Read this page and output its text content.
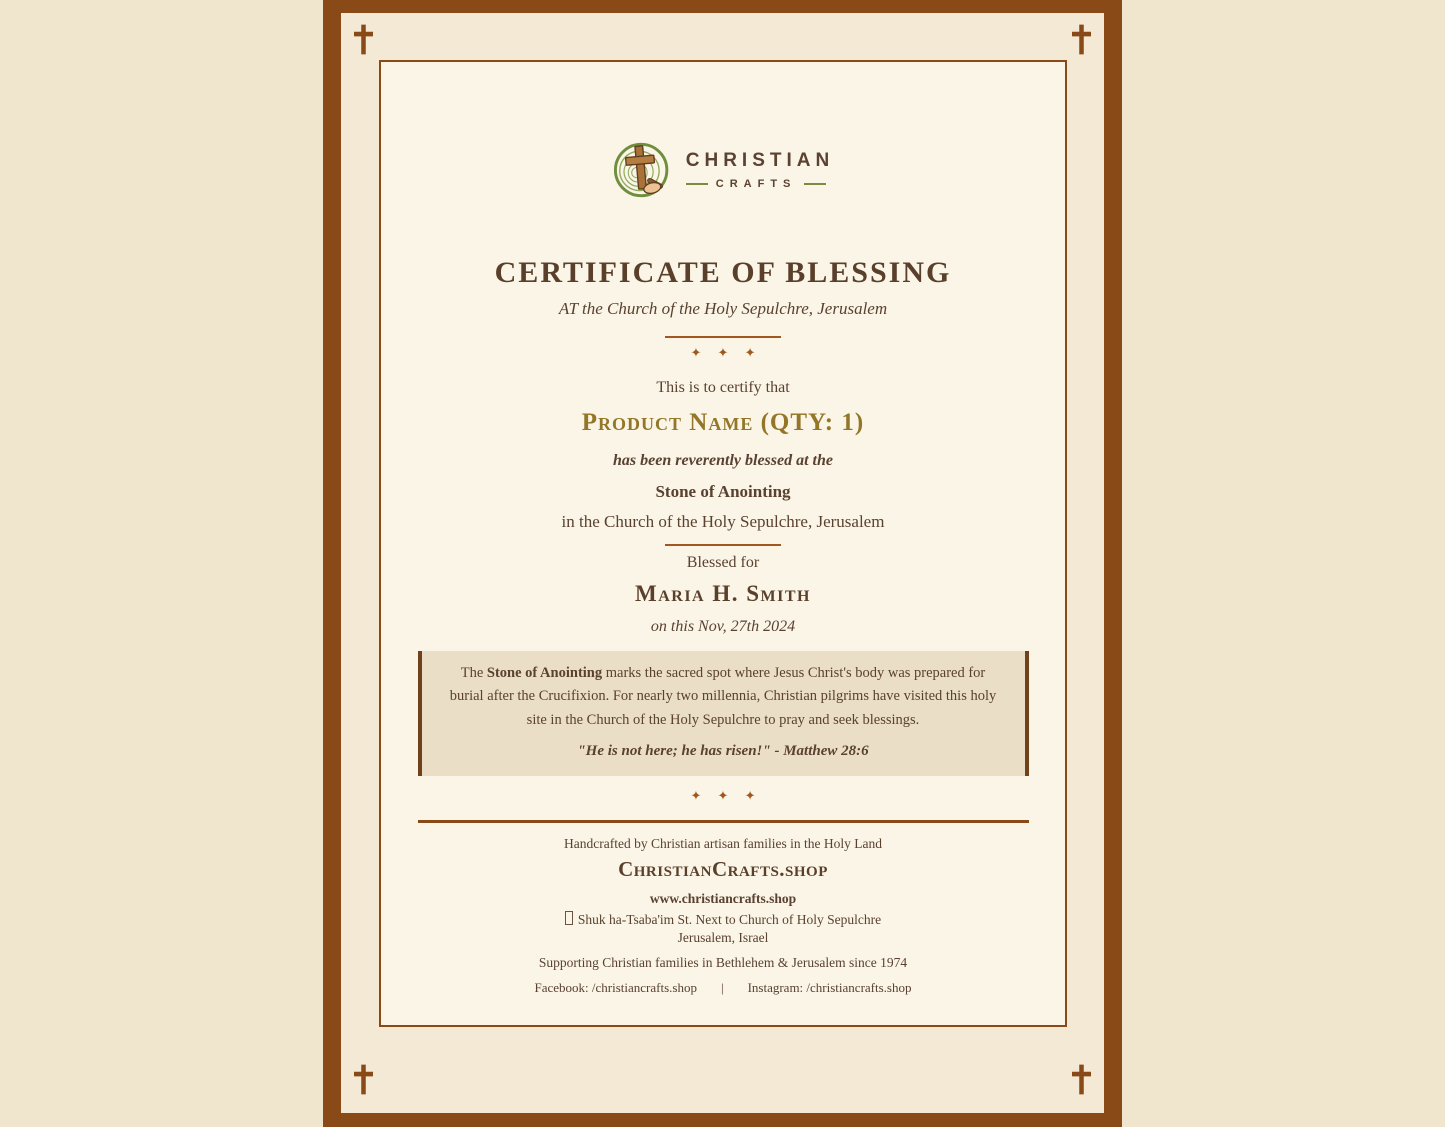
CHRISTIAN
CRAFTS
CERTIFICATE OF BLESSING
AT the Church of the Holy Sepulchre, Jerusalem
✦ ✦ ✦
This is to certify that
Product Name (QTY: 1)
has been reverently blessed at the
Stone of Anointing
in the Church of the Holy Sepulchre, Jerusalem
Blessed for
Maria H. Smith
on this Nov, 27th 2024

The Stone of Anointing marks the sacred spot where Jesus Christ's body was prepared for burial after the Crucifixion. For nearly two millennia, Christian pilgrims have visited this holy site in the Church of the Holy Sepulchre to pray and seek blessings.

"He is not here; he has risen!" - Matthew 28:6

✦ ✦ ✦
Handcrafted by Christian artisan families in the Holy Land
ChristianCrafts.shop
www.christiancrafts.shop
Shuk ha-Tsaba'im St. Next to Church of Holy Sepulchre
Jerusalem, Israel
Supporting Christian families in Bethlehem & Jerusalem since 1974
Facebook: /christiancrafts.shop | Instagram: /christiancrafts.shop
